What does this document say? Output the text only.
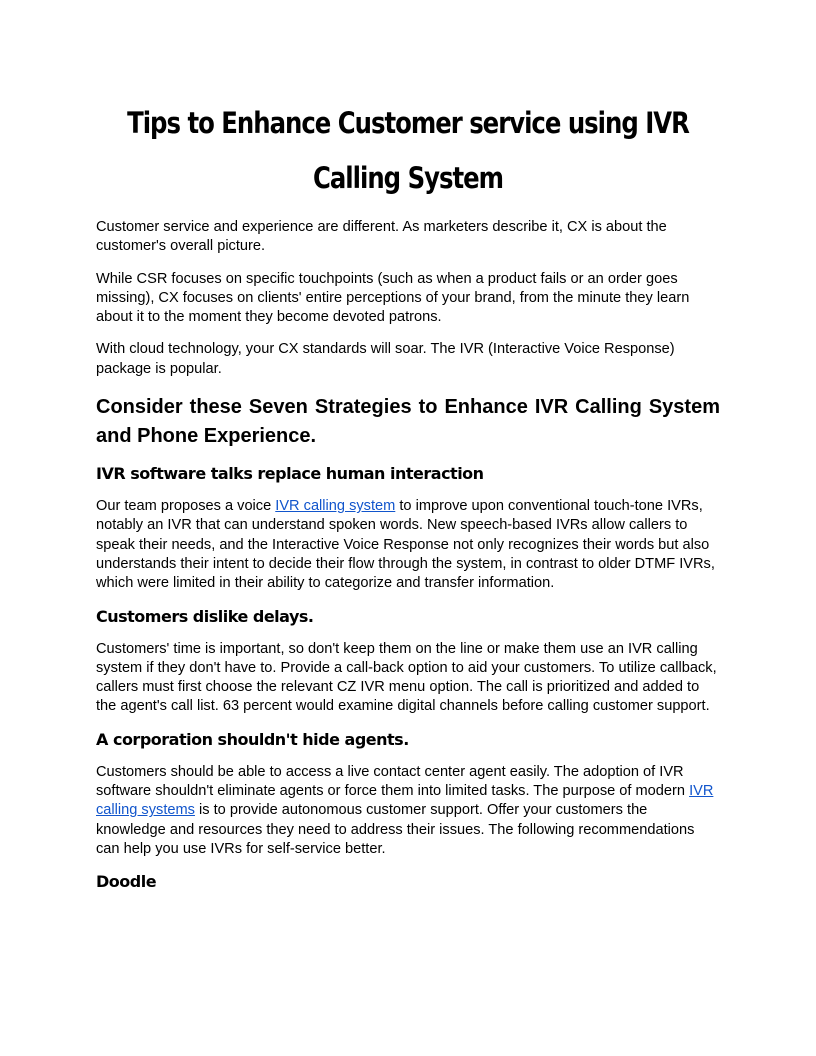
Tips to Enhance Customer service using IVR
Calling System

Customer service and experience are different. As marketers describe it, CX is about the customer's overall picture.

While CSR focuses on specific touchpoints (such as when a product fails or an order goes missing), CX focuses on clients' entire perceptions of your brand, from the minute they learn about it to the moment they become devoted patrons.

With cloud technology, your CX standards will soar. The IVR (Interactive Voice Response) package is popular.

Consider these Seven Strategies to Enhance IVR Calling System and Phone Experience.
IVR software talks replace human interaction

Our team proposes a voice IVR calling system to improve upon conventional touch-tone IVRs, notably an IVR that can understand spoken words. New speech-based IVRs allow callers to speak their needs, and the Interactive Voice Response not only recognizes their words but also understands their intent to decide their flow through the system, in contrast to older DTMF IVRs, which were limited in their ability to categorize and transfer information.

Customers dislike delays.

Customers' time is important, so don't keep them on the line or make them use an IVR calling system if they don't have to. Provide a call-back option to aid your customers. To utilize callback, callers must first choose the relevant CZ IVR menu option. The call is prioritized and added to the agent's call list. 63 percent would examine digital channels before calling customer support.

A corporation shouldn't hide agents.

Customers should be able to access a live contact center agent easily. The adoption of IVR software shouldn't eliminate agents or force them into limited tasks. The purpose of modern IVR calling systems is to provide autonomous customer support. Offer your customers the knowledge and resources they need to address their issues. The following recommendations can help you use IVRs for self-service better.

Doodle
